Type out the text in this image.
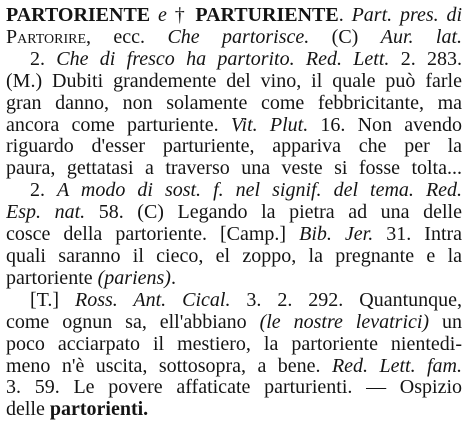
PARTORIENTE e † PARTURIENTE. Part. pres. di
Partorire, ecc. Che partorisce. (C) Aur. lat.
2. Che di fresco ha partorito. Red. Lett. 2. 283.
(M.) Dubiti grandemente del vino, il quale può farle
gran danno, non solamente come febbricitante, ma
ancora come parturiente. Vit. Plut. 16. Non avendo
riguardo d'esser parturiente, appariva che per la
paura, gettatasi a traverso una veste si fosse tolta...
2. A modo di sost. f. nel signif. del tema. Red.
Esp. nat. 58. (C) Legando la pietra ad una delle
cosce della partoriente. [Camp.] Bib. Jer. 31. Intra
quali saranno il cieco, el zoppo, la pregnante e la
partoriente (pariens).
[T.] Ross. Ant. Cical. 3. 2. 292. Quantunque,
come ognun sa, ell'abbiano (le nostre levatrici) un
poco acciarpato il mestiero, la partoriente nientedi-
meno n'è uscita, sottosopra, a bene. Red. Lett. fam.
3. 59. Le povere affaticate parturienti. — Ospizio
delle partorienti.
